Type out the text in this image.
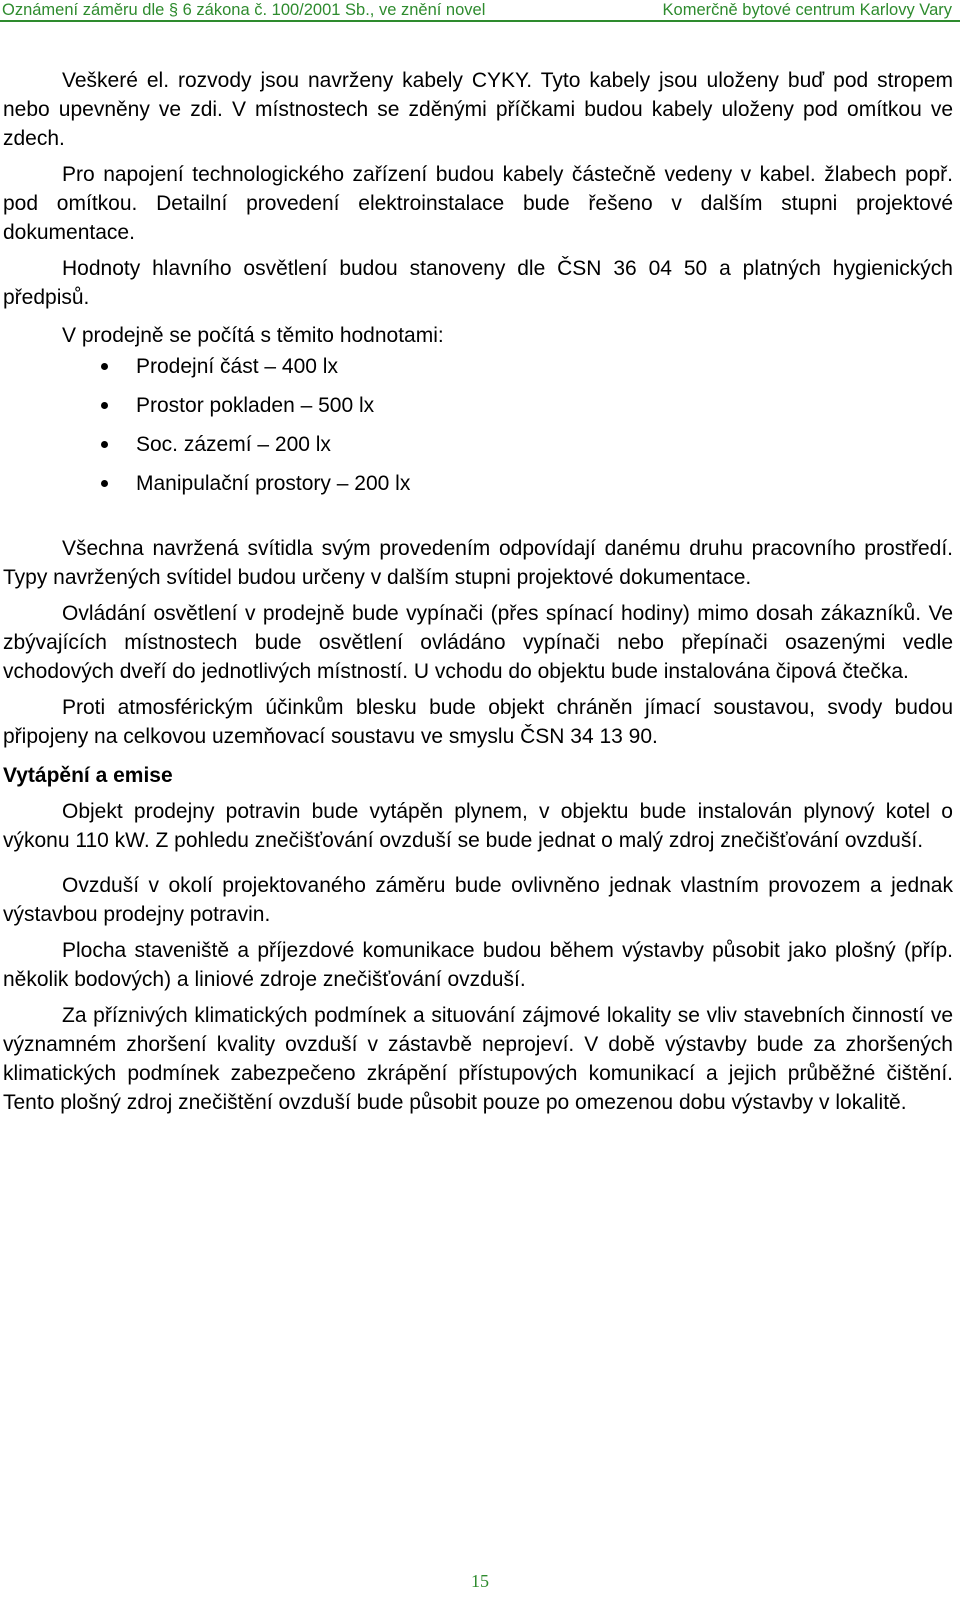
Oznámení záměru dle § 6 zákona č. 100/2001 Sb., ve znění novel	Komerčně bytové centrum Karlovy Vary

Veškeré el. rozvody jsou navrženy kabely CYKY. Tyto kabely jsou uloženy buď pod stropem nebo upevněny ve zdi. V místnostech se zděnými příčkami budou kabely uloženy pod omítkou ve zdech.

Pro napojení technologického zařízení budou kabely částečně vedeny v kabel. žlabech popř. pod omítkou. Detailní provedení elektroinstalace bude řešeno v dalším stupni projektové dokumentace.

Hodnoty hlavního osvětlení budou stanoveny dle ČSN 36 04 50 a platných hygienických předpisů.

V prodejně se počítá s těmito hodnotami:

Prodejní část – 400 lx
Prostor pokladen – 500 lx
Soc. zázemí – 200 lx
Manipulační prostory – 200 lx

Všechna navržená svítidla svým provedením odpovídají danému druhu pracovního prostředí. Typy navržených svítidel budou určeny v dalším stupni projektové dokumentace.

Ovládání osvětlení v prodejně bude vypínači (přes spínací hodiny) mimo dosah zákazníků. Ve zbývajících místnostech bude osvětlení ovládáno vypínači nebo přepínači osazenými vedle vchodových dveří do jednotlivých místností. U vchodu do objektu bude instalována čipová čtečka.

Proti atmosférickým účinkům blesku bude objekt chráněn jímací soustavou, svody budou připojeny na celkovou uzemňovací soustavu ve smyslu ČSN 34 13 90.

Vytápění a emise

Objekt prodejny potravin bude vytápěn plynem, v objektu bude instalován plynový kotel o výkonu 110 kW. Z pohledu znečišťování ovzduší se bude jednat o malý zdroj znečišťování ovzduší.

Ovzduší v okolí projektovaného záměru bude ovlivněno jednak vlastním provozem a jednak výstavbou prodejny potravin.

Plocha staveniště a příjezdové komunikace budou během výstavby působit jako plošný (příp. několik bodových) a liniové zdroje znečišťování ovzduší.

Za příznivých klimatických podmínek a situování zájmové lokality se vliv stavebních činností ve významném zhoršení kvality ovzduší v zástavbě neprojeví. V době výstavby bude za zhoršených klimatických podmínek zabezpečeno zkrápění přístupových komunikací a jejich průběžné čištění. Tento plošný zdroj znečištění ovzduší bude působit pouze po omezenou dobu výstavby v lokalitě.

15
